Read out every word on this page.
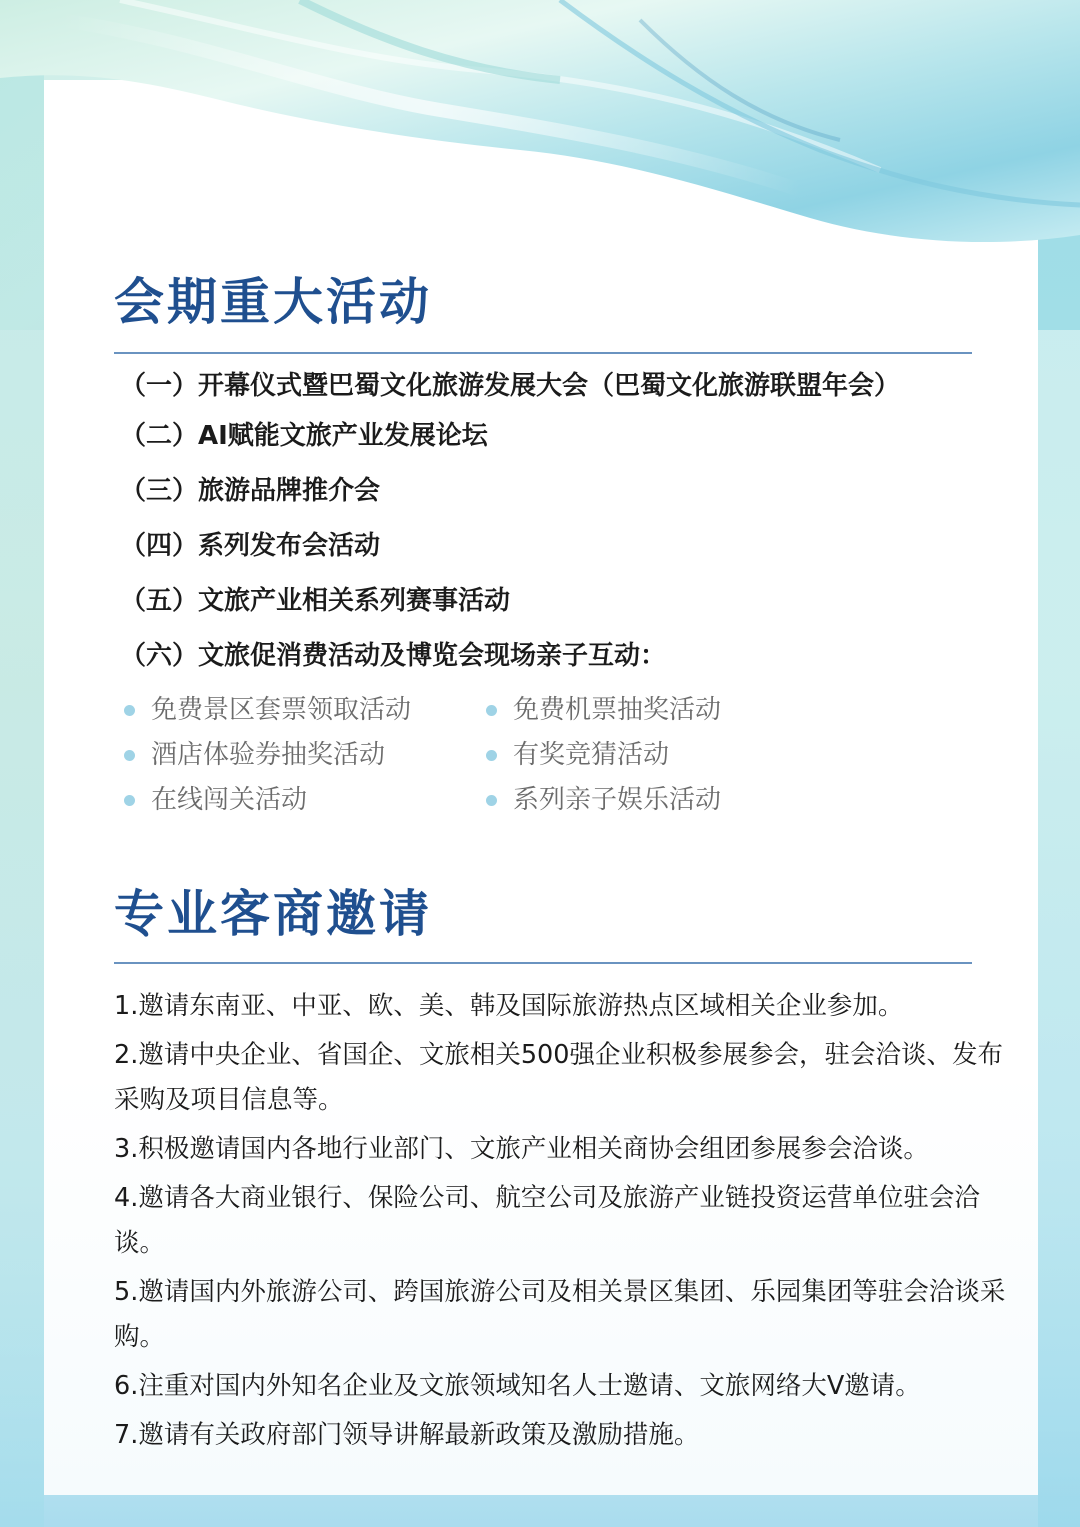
会期重大活动
（一）开幕仪式暨巴蜀文化旅游发展大会（巴蜀文化旅游联盟年会）
（二）AI赋能文旅产业发展论坛
（三）旅游品牌推介会
（四）系列发布会活动
（五）文旅产业相关系列赛事活动
（六）文旅促消费活动及博览会现场亲子互动：
免费景区套票领取活动	免费机票抽奖活动
酒店体验券抽奖活动	有奖竞猜活动
在线闯关活动	系列亲子娱乐活动
专业客商邀请

1.邀请东南亚、中亚、欧、美、韩及国际旅游热点区域相关企业参加。

2.邀请中央企业、省国企、文旅相关500强企业积极参展参会，驻会洽谈、发布采购及项目信息等。

3.积极邀请国内各地行业部门、文旅产业相关商协会组团参展参会洽谈。

4.邀请各大商业银行、保险公司、航空公司及旅游产业链投资运营单位驻会洽谈。

5.邀请国内外旅游公司、跨国旅游公司及相关景区集团、乐园集团等驻会洽谈采购。

6.注重对国内外知名企业及文旅领域知名人士邀请、文旅网络大V邀请。

7.邀请有关政府部门领导讲解最新政策及激励措施。
